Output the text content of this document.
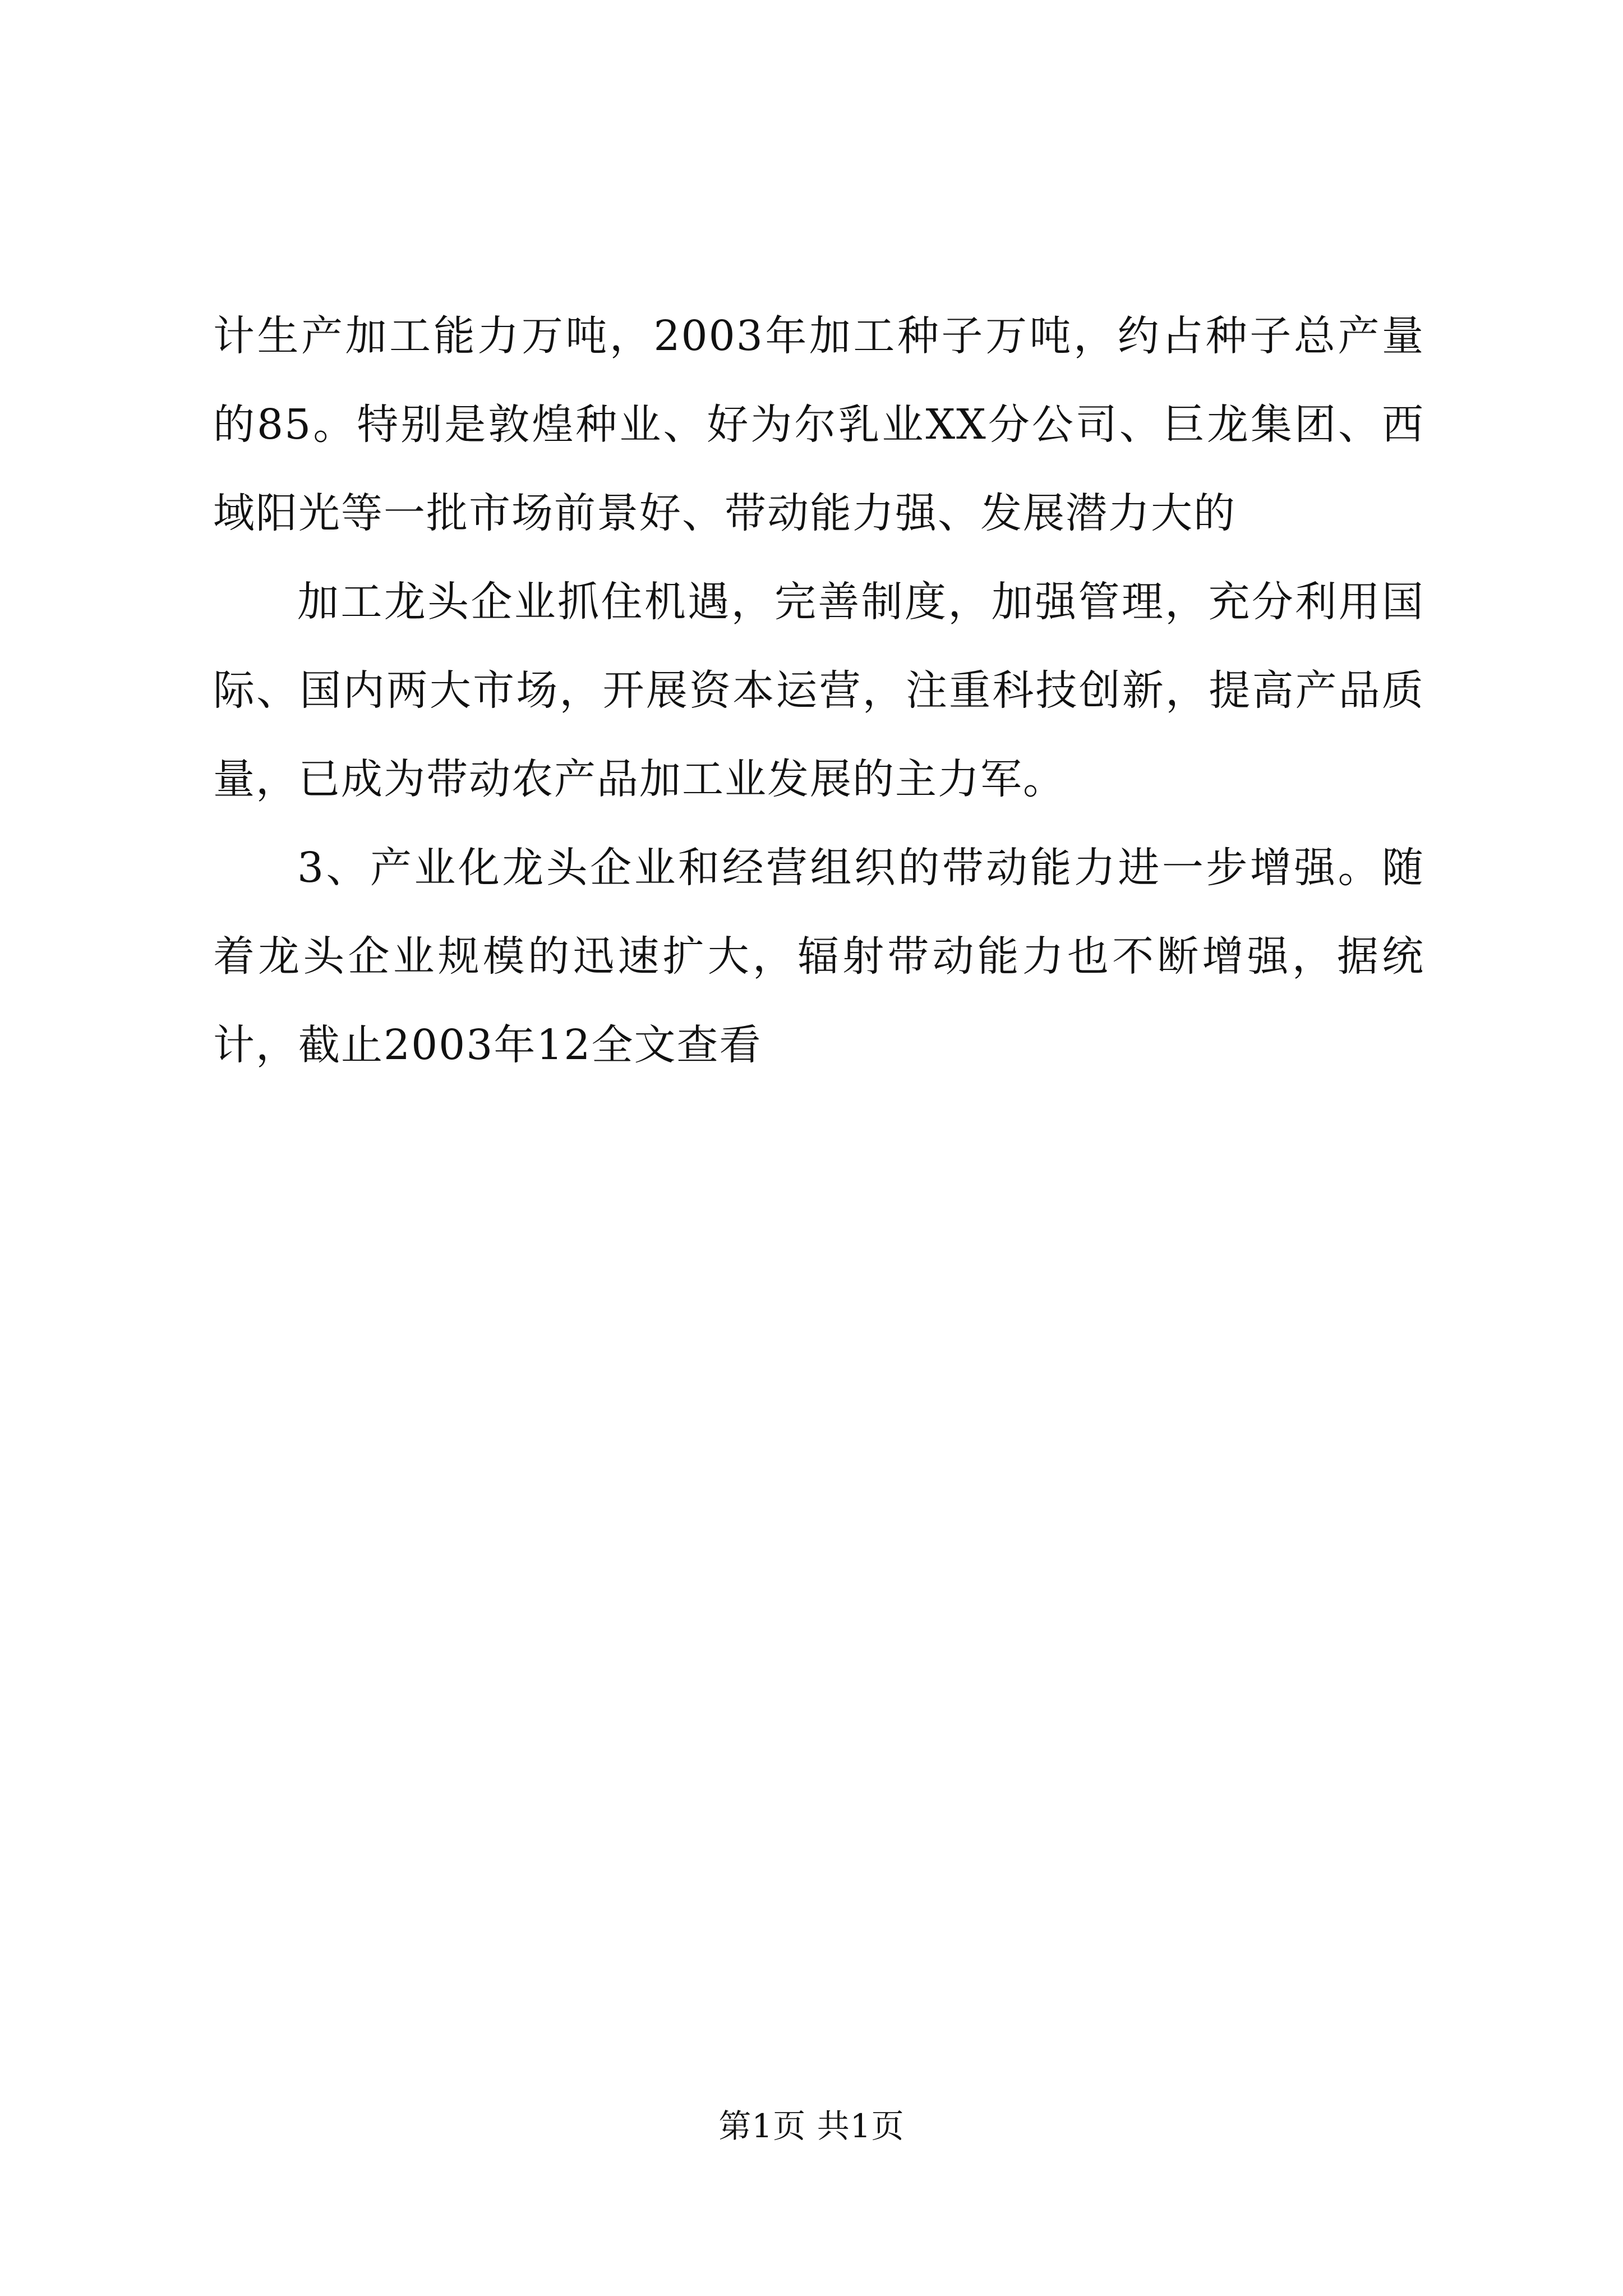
计生产加工能力万吨，2003年加工种子万吨，约占种子总产量的85。特别是敦煌种业、好为尔乳业XX分公司、巨龙集团、西域阳光等一批市场前景好、带动能力强、发展潜力大的

加工龙头企业抓住机遇，完善制度，加强管理，充分利用国际、国内两大市场，开展资本运营，注重科技创新，提高产品质量，已成为带动农产品加工业发展的主力军。

3、产业化龙头企业和经营组织的带动能力进一步增强。随着龙头企业规模的迅速扩大，辐射带动能力也不断增强，据统计，截止2003年12全文查看

第1页 共1页
